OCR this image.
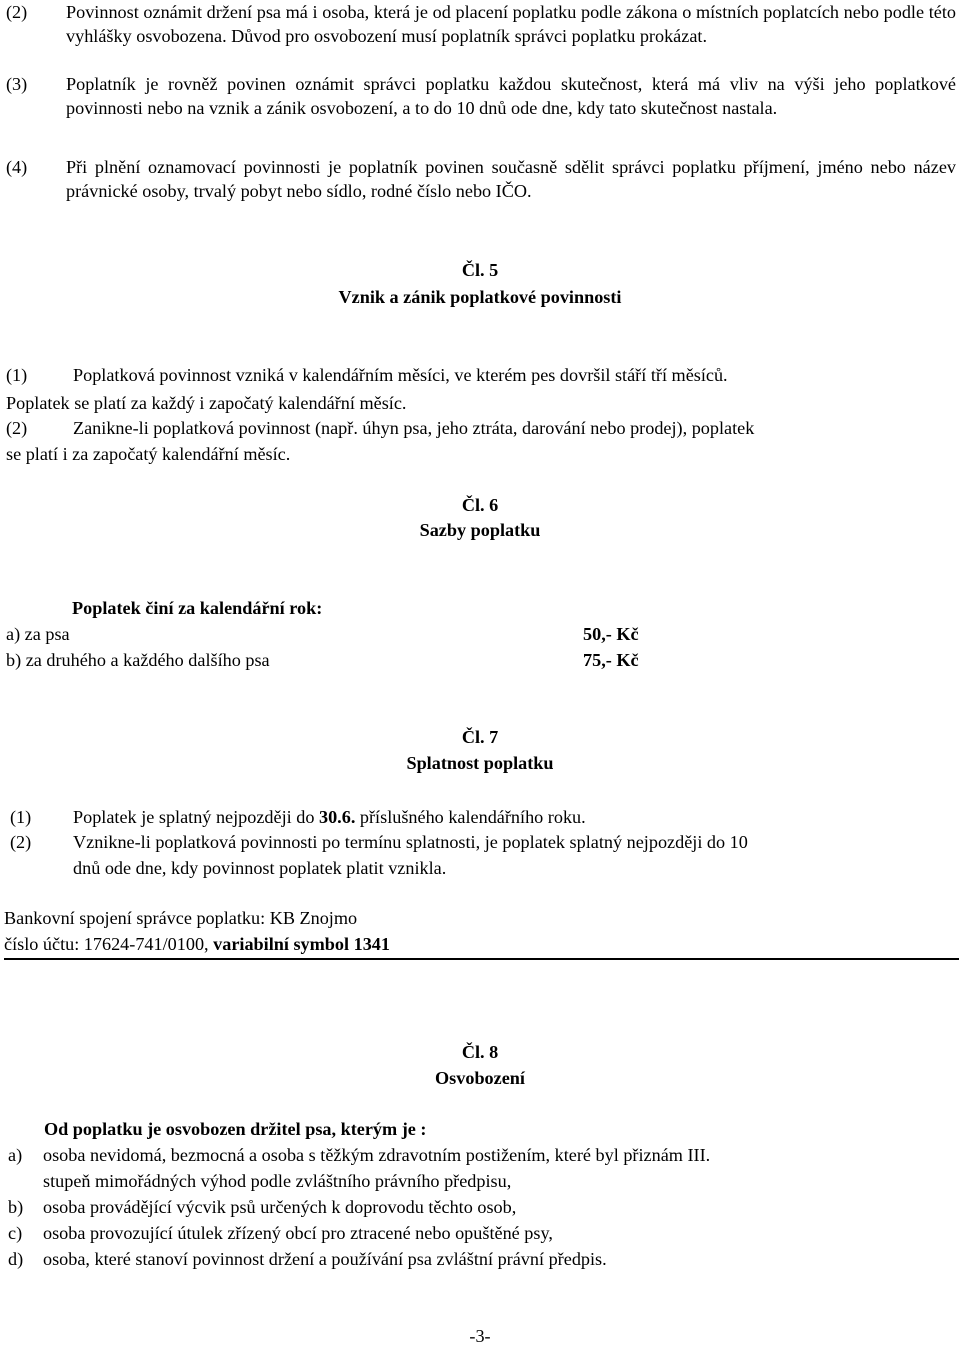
(2) Povinnost oznámit držení psa má i osoba, která je od placení poplatku podle zákona o místních poplatcích nebo podle této vyhlášky osvobozena. Důvod pro osvobození musí poplatník správci poplatku prokázat.
(3) Poplatník je rovněž povinen oznámit správci poplatku každou skutečnost, která má vliv na výši jeho poplatkové povinnosti nebo na vznik a zánik osvobození, a to do 10 dnů ode dne, kdy tato skutečnost nastala.
(4) Při plnění oznamovací povinnosti je poplatník povinen současně sdělit správci poplatku příjmení, jméno nebo název právnické osoby, trvalý pobyt nebo sídlo, rodné číslo nebo IČO.
Čl. 5
Vznik a zánik poplatkové povinnosti
(1)	Poplatková povinnost vzniká v kalendářním měsíci, ve kterém pes dovršil stáří tří měsíců.
Poplatek se platí za každý i započatý kalendářní měsíc.
(2)	Zanikne-li poplatková povinnost (např. úhyn psa, jeho ztráta, darování nebo prodej), poplatek
se platí i za započatý kalendářní měsíc.
Čl. 6
Sazby poplatku
Poplatek činí za kalendářní rok:
a) za psa	50,- Kč
b) za druhého a každého dalšího psa	75,- Kč
Čl. 7
Splatnost poplatku
(1) Poplatek je splatný nejpozději do 30.6. příslušného kalendářního roku.
(2) Vznikne-li poplatková povinnosti po termínu splatnosti, je poplatek splatný nejpozději do 10
dnů ode dne, kdy povinnost poplatek platit vznikla.
Bankovní spojení správce poplatku: KB Znojmo
číslo účtu: 17624-741/0100, variabilní symbol 1341
Čl. 8
Osvobození
Od poplatku je osvobozen držitel psa, kterým je :
a) osoba nevidomá, bezmocná a osoba s těžkým zdravotním postižením, které byl přiznám III.
stupeň mimořádných výhod podle zvláštního právního předpisu,
b) osoba provádějící výcvik psů určených k doprovodu těchto osob,
c) osoba provozující útulek zřízený obcí pro ztracené nebo opuštěné psy,
d) osoba, které stanoví povinnost držení a používání psa zvláštní právní předpis.
-3-
